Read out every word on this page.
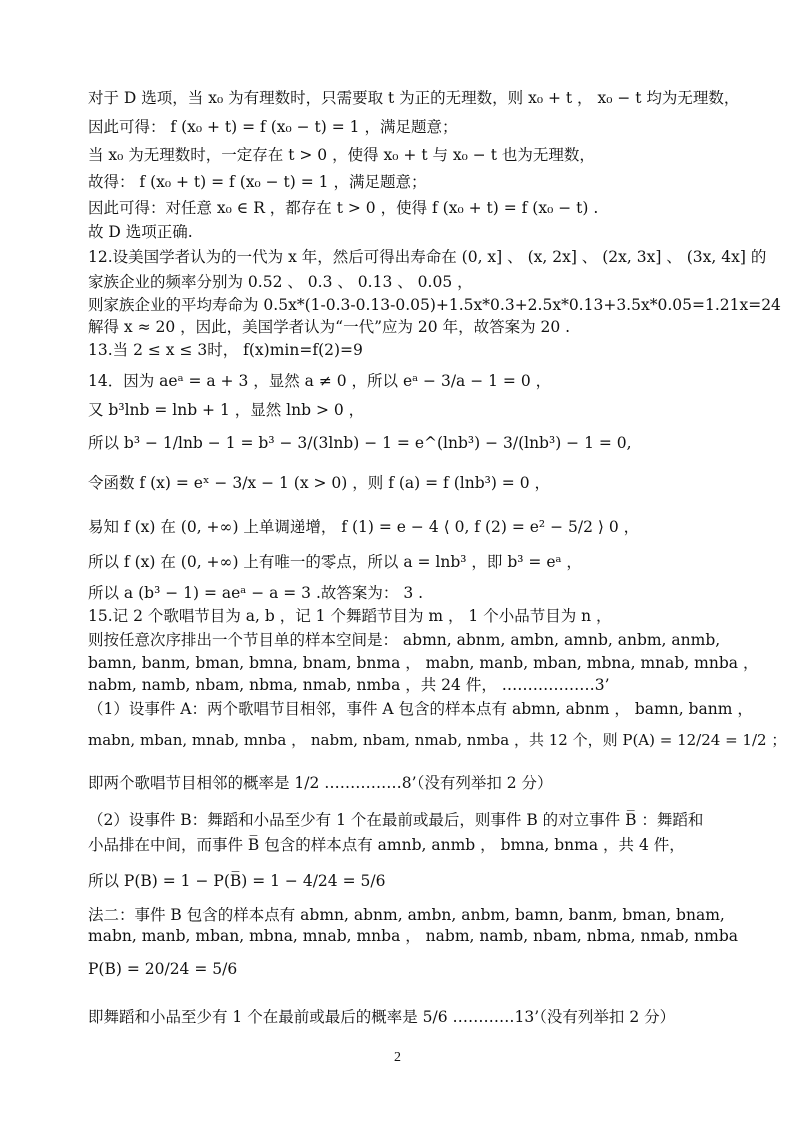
对于 D 选项，当 x₀ 为有理数时，只需要取 t 为正的无理数，则 x₀ + t ， x₀ − t 均为无理数，
因此可得： f (x₀ + t) = f (x₀ − t) = 1 ，满足题意；
当 x₀ 为无理数时，一定存在 t > 0 ，使得 x₀ + t 与 x₀ − t 也为无理数，
故得： f (x₀ + t) = f (x₀ − t) = 1 ，满足题意；
因此可得：对任意 x₀ ∈ R ，都存在 t > 0 ，使得 f (x₀ + t) = f (x₀ − t) .
故 D 选项正确.
12.设美国学者认为的一代为 x 年，然后可得出寿命在 (0, x] 、 (x, 2x] 、 (2x, 3x] 、 (3x, 4x] 的
家族企业的频率分别为 0.52 、 0.3 、 0.13 、 0.05 ，
则家族企业的平均寿命为 0.5x*(1-0.3-0.13-0.05)+1.5x*0.3+2.5x*0.13+3.5x*0.05=1.21x=24
解得 x ≈ 20 ，因此，美国学者认为“一代”应为 20 年，故答案为 20 .
13.当 2 ≤ x ≤ 3时， f(x)min=f(2)=9
14．因为 aeᵃ = a + 3 ，显然 a ≠ 0 ，所以 eᵃ − 3/a − 1 = 0 ，
又 b³lnb = lnb + 1 ，显然 lnb > 0 ，
所以 b³ − 1/lnb − 1 = b³ − 3/(3lnb) − 1 = e^(lnb³) − 3/(lnb³) − 1 = 0,
令函数 f (x) = eˣ − 3/x − 1 (x > 0) ，则 f (a) = f (lnb³) = 0 ，
易知 f (x) 在 (0, +∞) 上单调递增， f (1) = e − 4 ⟨ 0, f (2) = e² − 5/2 ⟩ 0 ，
所以 f (x) 在 (0, +∞) 上有唯一的零点，所以 a = lnb³ ，即 b³ = eᵃ ，
所以 a (b³ − 1) = aeᵃ − a = 3 .故答案为： 3 .
15.记 2 个歌唱节目为 a, b ，记 1 个舞蹈节目为 m ， 1 个小品节目为 n ，
则按任意次序排出一个节目单的样本空间是： abmn, abnm, ambn, amnb, anbm, anmb,
bamn, banm, bman, bmna, bnam, bnma ， mabn, manb, mban, mbna, mnab, mnba ，
nabm, namb, nbam, nbma, nmab, nmba ，共 24 件， ………………3’
（1）设事件 A：两个歌唱节目相邻，事件 A 包含的样本点有 abmn, abnm ， bamn, banm ，
mabn, mban, mnab, mnba ， nabm, nbam, nmab, nmba ，共 12 个，则 P(A) = 12/24 = 1/2 ；
即两个歌唱节目相邻的概率是 1/2 ……………8’（没有列举扣 2 分）
（2）设事件 B：舞蹈和小品至少有 1 个在最前或最后，则事件 B 的对立事件 B̅ ：舞蹈和
小品排在中间，而事件 B̅ 包含的样本点有 amnb, anmb ， bmna, bnma ，共 4 件，
所以 P(B) = 1 − P(B̅) = 1 − 4/24 = 5/6
法二：事件 B 包含的样本点有 abmn, abnm, ambn, anbm, bamn, banm, bman, bnam,
mabn, manb, mban, mbna, mnab, mnba ， nabm, namb, nbam, nbma, nmab, nmba
P(B) = 20/24 = 5/6
即舞蹈和小品至少有 1 个在最前或最后的概率是 5/6 …………13’（没有列举扣 2 分）
2
